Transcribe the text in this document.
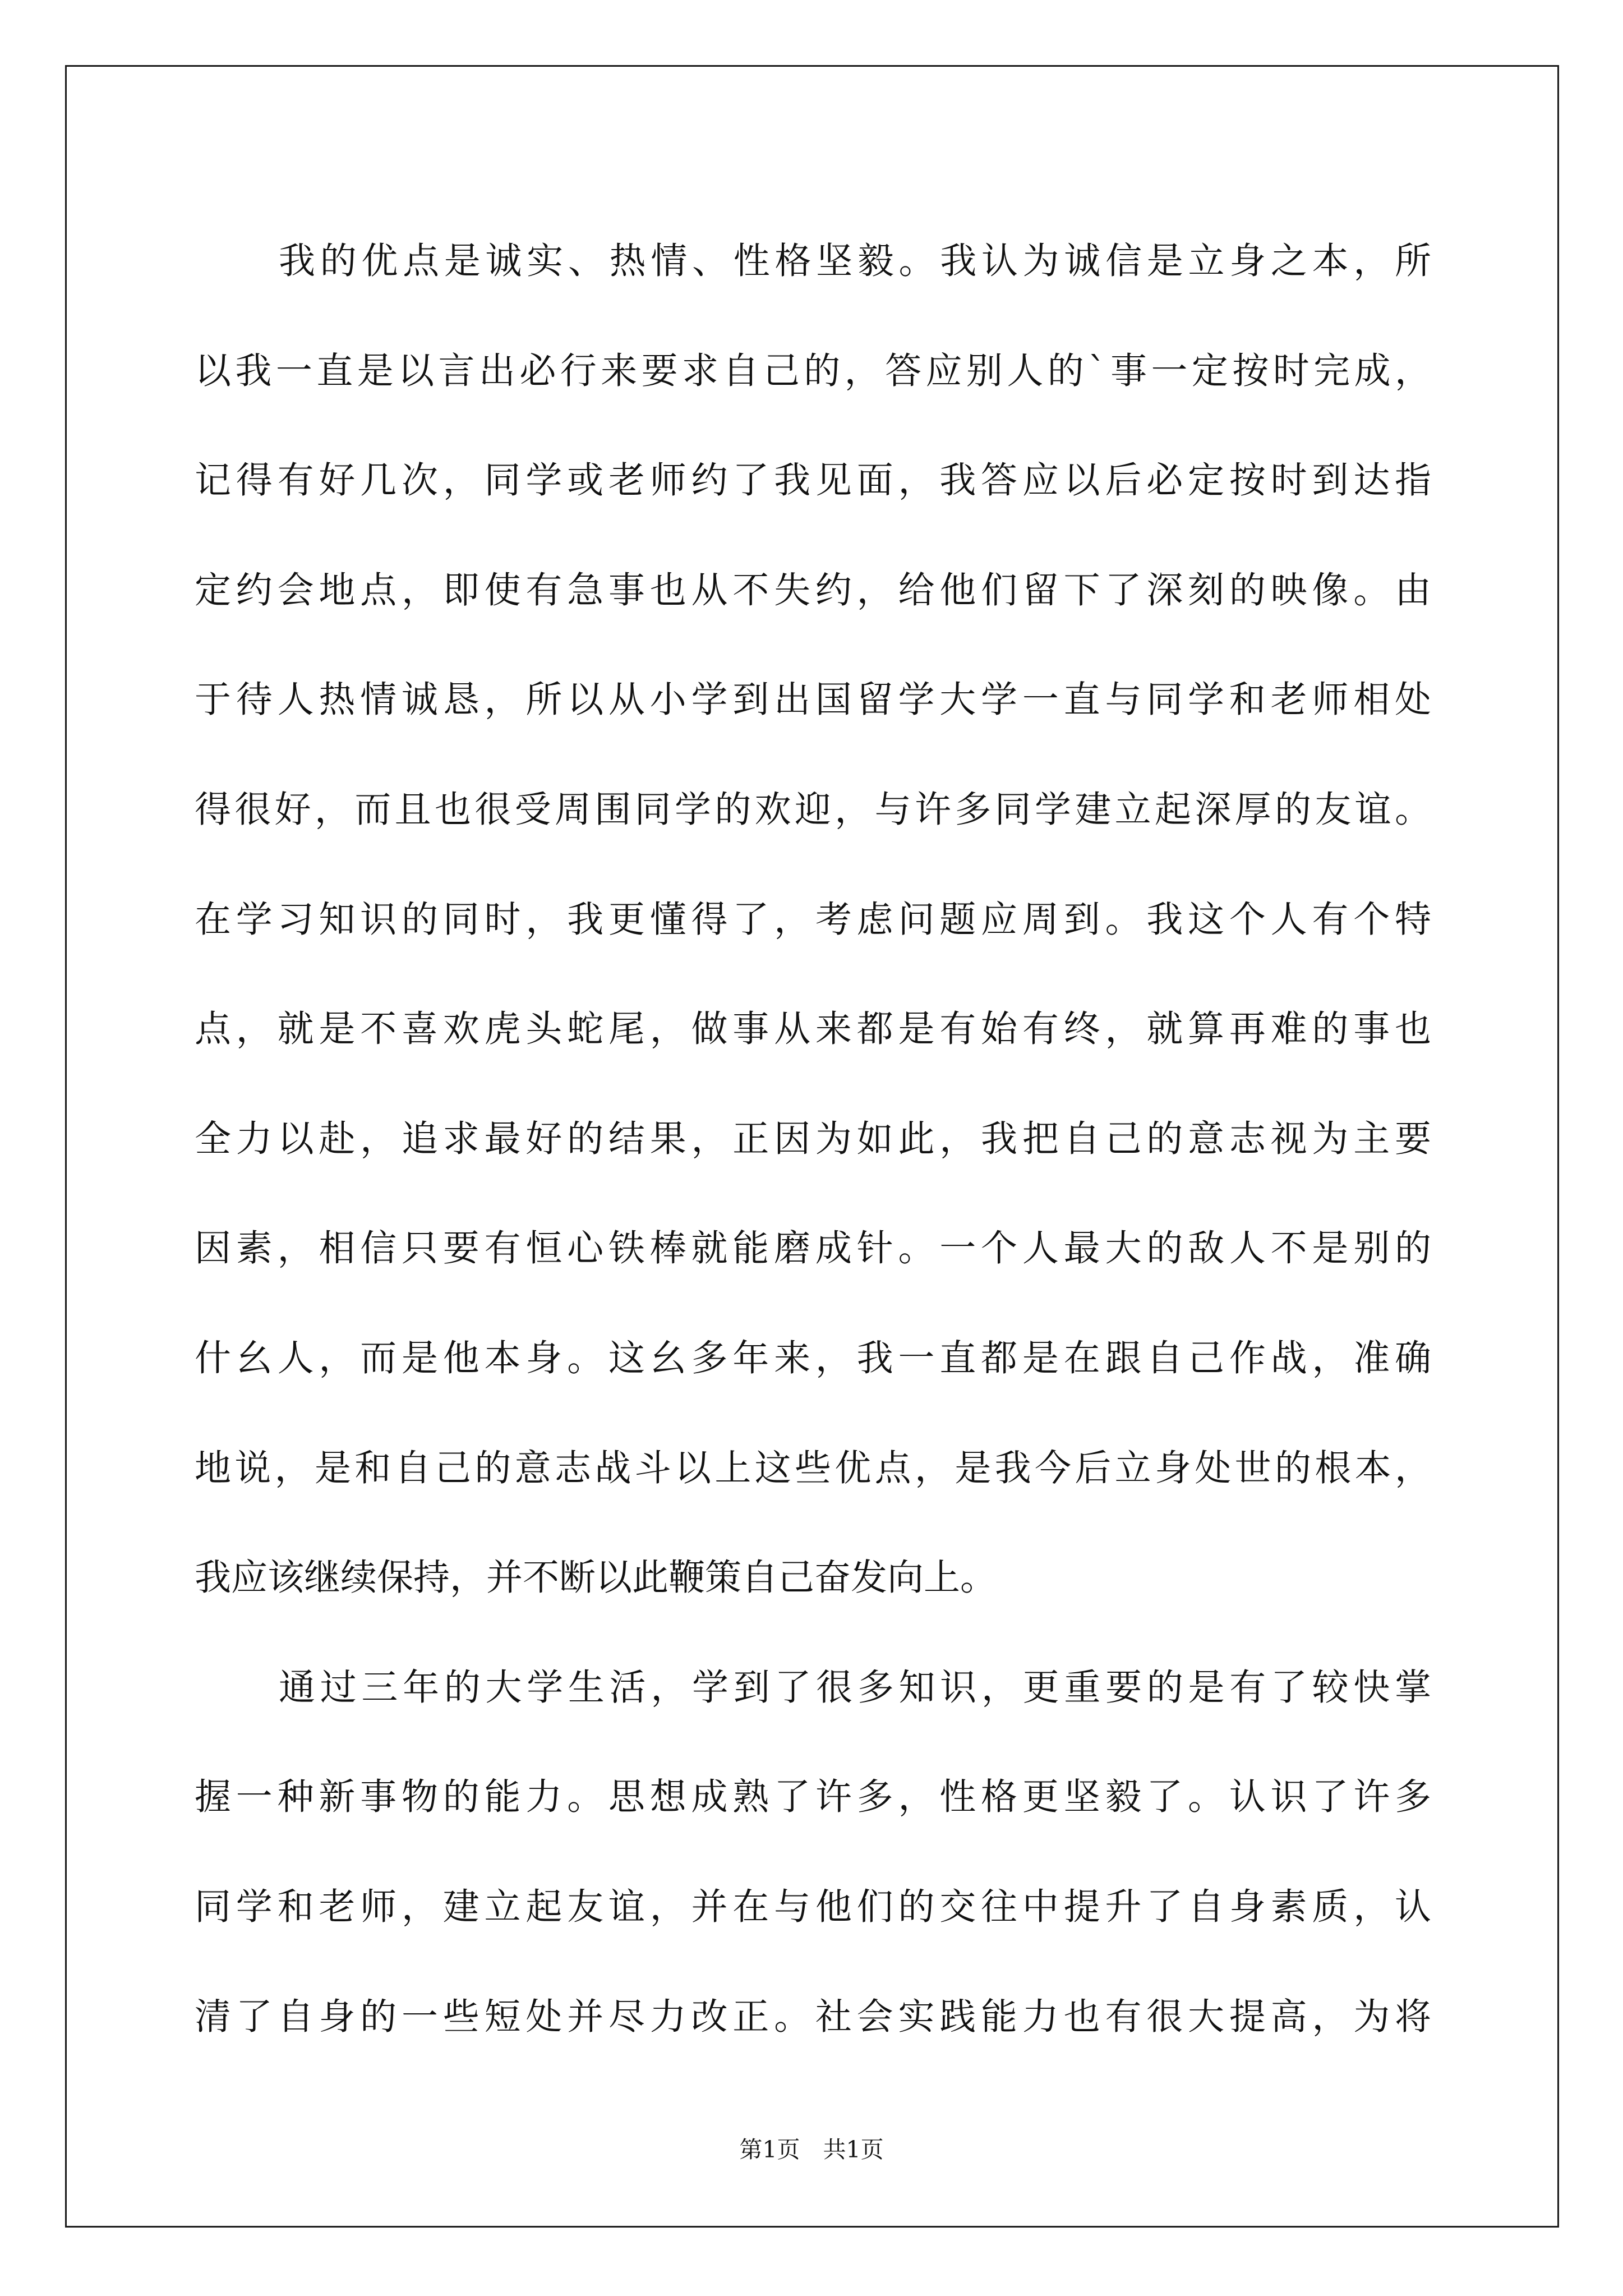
我的优点是诚实、热情、性格坚毅。我认为诚信是立身之本，所
以我一直是以言出必行来要求自己的，答应别人的`事一定按时完成，
记得有好几次，同学或老师约了我见面，我答应以后必定按时到达指
定约会地点，即使有急事也从不失约，给他们留下了深刻的映像。由
于待人热情诚恳，所以从小学到出国留学大学一直与同学和老师相处
得很好，而且也很受周围同学的欢迎，与许多同学建立起深厚的友谊。
在学习知识的同时，我更懂得了，考虑问题应周到。我这个人有个特
点，就是不喜欢虎头蛇尾，做事从来都是有始有终，就算再难的事也
全力以赴，追求最好的结果，正因为如此，我把自己的意志视为主要
因素，相信只要有恒心铁棒就能磨成针。一个人最大的敌人不是别的
什幺人，而是他本身。这幺多年来，我一直都是在跟自己作战，准确
地说，是和自己的意志战斗以上这些优点，是我今后立身处世的根本，
我应该继续保持，并不断以此鞭策自己奋发向上。
通过三年的大学生活，学到了很多知识，更重要的是有了较快掌
握一种新事物的能力。思想成熟了许多，性格更坚毅了。认识了许多
同学和老师，建立起友谊，并在与他们的交往中提升了自身素质，认
清了自身的一些短处并尽力改正。社会实践能力也有很大提高，为将
第1页　共1页
